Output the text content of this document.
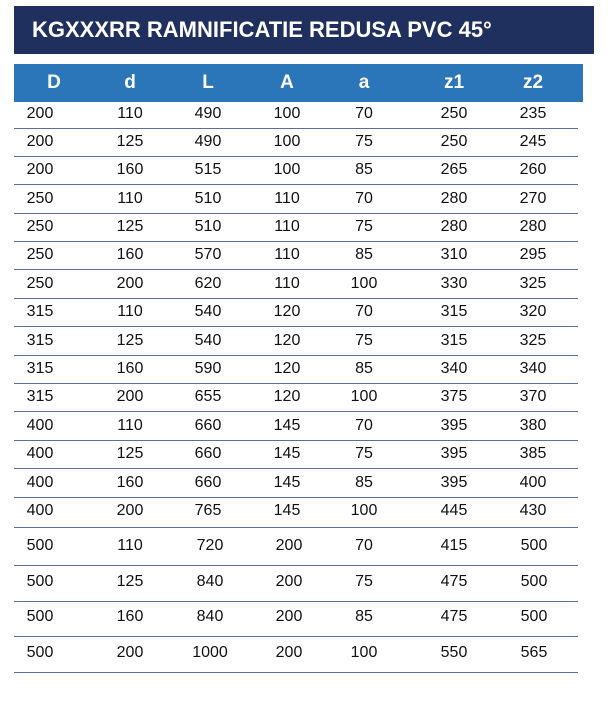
KGXXXRR RAMNIFICATIE REDUSA PVC 45°
D	d	L	A	a	z1	z2
200	110	490	100	70	250	235
200	125	490	100	75	250	245
200	160	515	100	85	265	260
250	110	510	110	70	280	270
250	125	510	110	75	280	280
250	160	570	110	85	310	295
250	200	620	110	100	330	325
315	110	540	120	70	315	320
315	125	540	120	75	315	325
315	160	590	120	85	340	340
315	200	655	120	100	375	370
400	110	660	145	70	395	380
400	125	660	145	75	395	385
400	160	660	145	85	395	400
400	200	765	145	100	445	430
500	110	720	200	70	415	500
500	125	840	200	75	475	500
500	160	840	200	85	475	500
500	200	1000	200	100	550	565
